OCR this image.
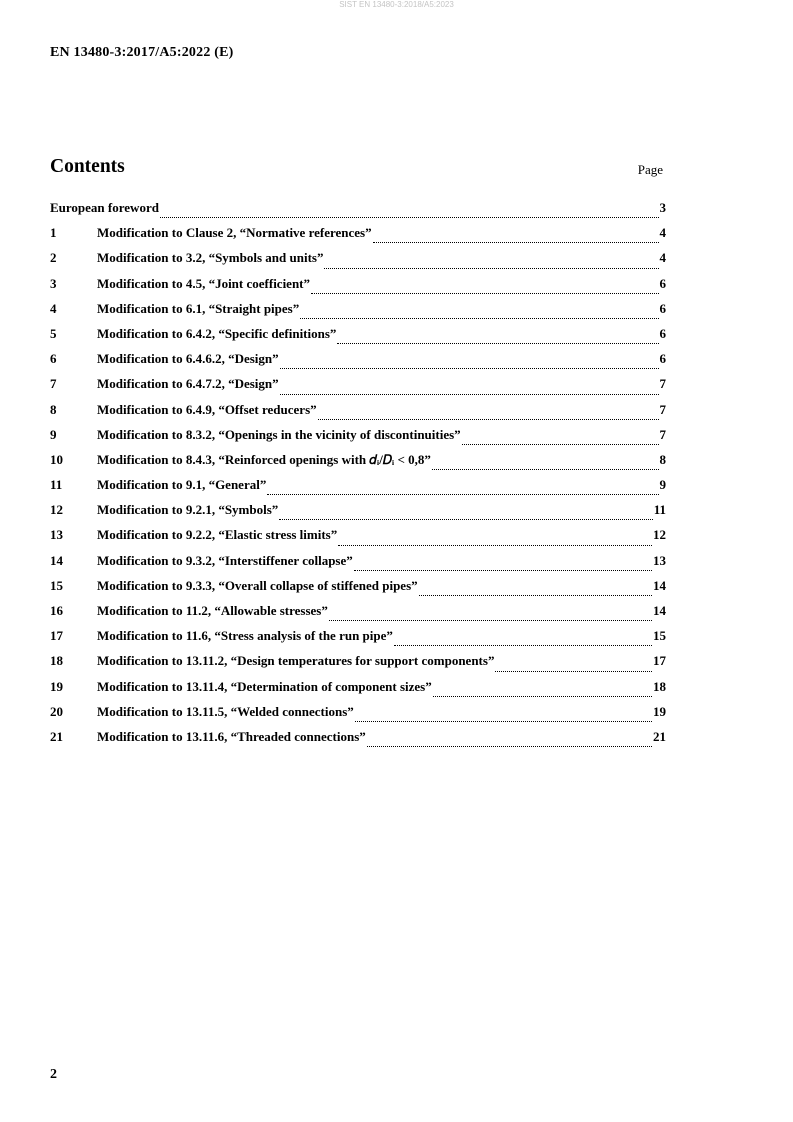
SIST EN 13480-3:2018/A5:2023
EN 13480-3:2017/A5:2022 (E)
Contents	Page
European foreword	3
1	Modification to Clause 2, “Normative references”	4
2	Modification to 3.2, “Symbols and units”	4
3	Modification to 4.5, “Joint coefficient”	6
4	Modification to 6.1, “Straight pipes”	6
5	Modification to 6.4.2, “Specific definitions”	6
6	Modification to 6.4.6.2, “Design”	6
7	Modification to 6.4.7.2, “Design”	7
8	Modification to 6.4.9, “Offset reducers”	7
9	Modification to 8.3.2, “Openings in the vicinity of discontinuities”	7
10	Modification to 8.4.3, “Reinforced openings with 𝑑ᵢ/𝐷ᵢ < 0,8”	8
11	Modification to 9.1, “General”	9
12	Modification to 9.2.1, “Symbols”	11
13	Modification to 9.2.2, “Elastic stress limits”	12
14	Modification to 9.3.2, “Interstiffener collapse”	13
15	Modification to 9.3.3, “Overall collapse of stiffened pipes”	14
16	Modification to 11.2, “Allowable stresses”	14
17	Modification to 11.6, “Stress analysis of the run pipe”	15
18	Modification to 13.11.2, “Design temperatures for support components”	17
19	Modification to 13.11.4, “Determination of component sizes”	18
20	Modification to 13.11.5, “Welded connections”	19
21	Modification to 13.11.6, “Threaded connections”	21
2
